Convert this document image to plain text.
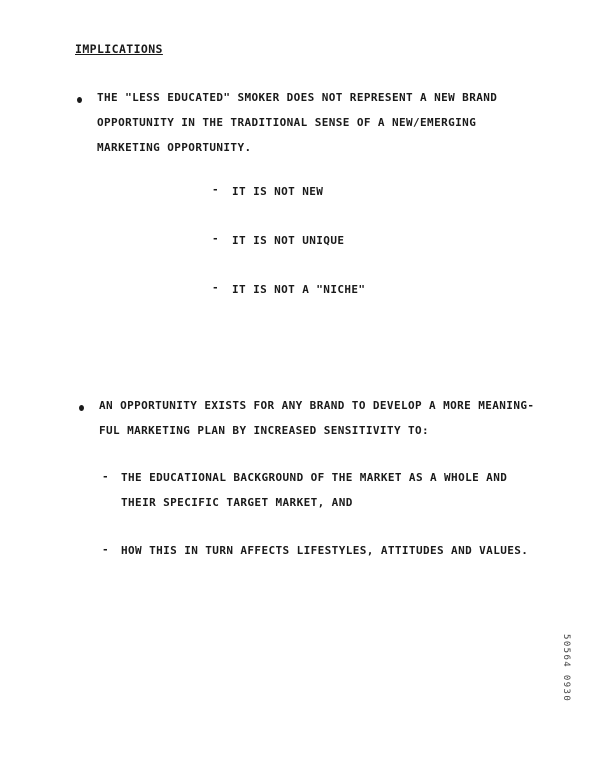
IMPLICATIONS
THE "LESS EDUCATED" SMOKER DOES NOT REPRESENT A NEW BRAND
OPPORTUNITY IN THE TRADITIONAL SENSE OF A NEW/EMERGING
MARKETING OPPORTUNITY.
- IT IS NOT NEW
- IT IS NOT UNIQUE
- IT IS NOT A "NICHE"
AN OPPORTUNITY EXISTS FOR ANY BRAND TO DEVELOP A MORE MEANING-
FUL MARKETING PLAN BY INCREASED SENSITIVITY TO:
- THE EDUCATIONAL BACKGROUND OF THE MARKET AS A WHOLE AND
THEIR SPECIFIC TARGET MARKET, AND
- HOW THIS IN TURN AFFECTS LIFESTYLES, ATTITUDES AND VALUES.
50564 0930
